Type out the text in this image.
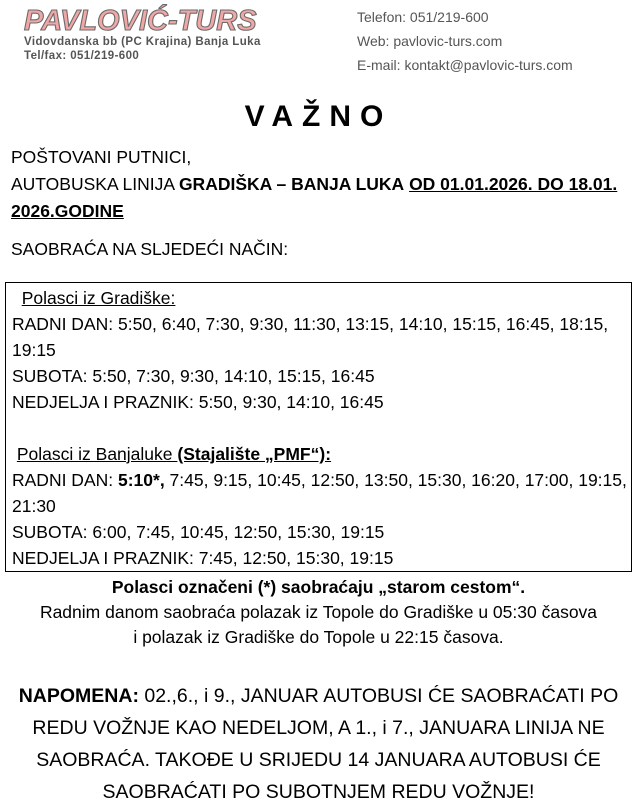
PAVLOVIĆ-TURS
Vidovdanska bb (PC Krajina) Banja Luka
Tel/fax: 051/219-600
Telefon: 051/219-600
Web: pavlovic-turs.com
E-mail: kontakt@pavlovic-turs.com
VAŽNO
POŠTOVANI PUTNICI,
AUTOBUSKA LINIJA GRADIŠKA – BANJA LUKA OD 01.01.2026. DO 18.01. 2026.GODINE
SAOBRAĆA NA SLJEDEĆI NAČIN:
Polasci iz Gradiške:
RADNI DAN: 5:50, 6:40, 7:30, 9:30, 11:30, 13:15, 14:10, 15:15, 16:45, 18:15, 19:15
SUBOTA: 5:50, 7:30, 9:30, 14:10, 15:15, 16:45
NEDJELJA I PRAZNIK: 5:50, 9:30, 14:10, 16:45
Polasci iz Banjaluke (Stajalište „PMF“):
RADNI DAN: 5:10*, 7:45, 9:15, 10:45, 12:50, 13:50, 15:30, 16:20, 17:00, 19:15, 21:30
SUBOTA: 6:00, 7:45, 10:45, 12:50, 15:30, 19:15
NEDJELJA I PRAZNIK: 7:45, 12:50, 15:30, 19:15
Polasci označeni (*) saobraćaju „starom cestom“.
Radnim danom saobraća polazak iz Topole do Gradiške u 05:30 časova
i polazak iz Gradiške do Topole u 22:15 časova.
NAPOMENA: 02.,6., i 9., JANUAR AUTOBUSI ĆE SAOBRAĆATI PO REDU VOŽNJE KAO NEDELJOM, A 1., i 7., JANUARA LINIJA NE SAOBRAĆA. TAKOĐE U SRIJEDU 14 JANUARA AUTOBUSI ĆE SAOBRAĆATI PO SUBOTNJEM REDU VOŽNJE!
